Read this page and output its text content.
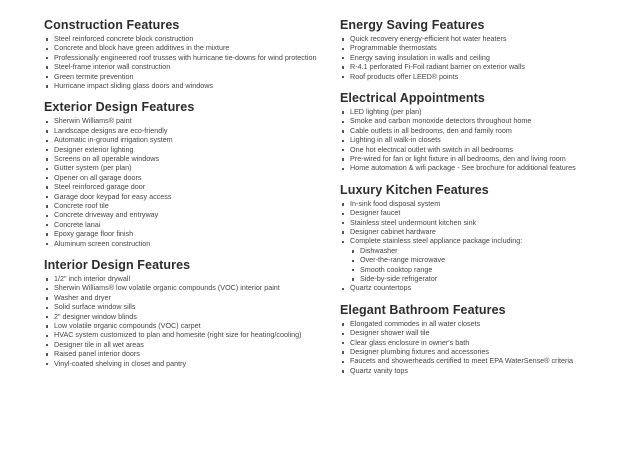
Construction Features
Steel reinforced concrete block construction
Concrete and block have green additives in the mixture
Professionally engineered roof trusses with hurricane tie-downs for wind protection
Steel-frame interior wall construction
Green termite prevention
Hurricane impact sliding glass doors and windows
Exterior Design Features
Sherwin Williams® paint
Landscape designs are eco-friendly
Automatic in-ground irrigation system
Designer exterior lighting
Screens on all operable windows
Gutter system (per plan)
Opener on all garage doors
Steel reinforced garage door
Garage door keypad for easy access
Concrete roof tile
Concrete driveway and entryway
Concrete lanai
Epoxy garage floor finish
Aluminum screen construction
Interior Design Features
1/2" inch interior drywall
Sherwin Williams® low volatile organic compounds (VOC) interior paint
Washer and dryer
Solid surface window sills
2" designer window blinds
Low volatile organic compounds (VOC) carpet
HVAC system customized to plan and homesite (right size for heating/cooling)
Designer tile in all wet areas
Raised panel interior doors
Vinyl-coated shelving in closet and pantry
Energy Saving Features
Quick recovery energy-efficient hot water heaters
Programmable thermostats
Energy saving insulation in walls and ceiling
R-4.1 perforated Fi-Foil radiant barrier on exterior walls
Roof products offer LEED® points
Electrical Appointments
LED lighting (per plan)
Smoke and carbon monoxide detectors throughout home
Cable outlets in all bedrooms, den and family room
Lighting in all walk-in closets
One hot electrical outlet with switch in all bedrooms
Pre-wired for fan or light fixture in all bedrooms, den and living room
Home automation & wifi package - See brochure for additional features
Luxury Kitchen Features
In-sink food disposal system
Designer faucet
Stainless steel undermount kitchen sink
Designer cabinet hardware
Complete stainless steel appliance package including:
Dishwasher
Over-the-range microwave
Smooth cooktop range
Side-by-side refrigerator
Quartz countertops
Elegant Bathroom Features
Elongated commodes in all water closets
Designer shower wall tile
Clear glass enclosure in owner's bath
Designer plumbing fixtures and accessories
Faucets and showerheads certified to meet EPA WaterSense® criteria
Quartz vanity tops
